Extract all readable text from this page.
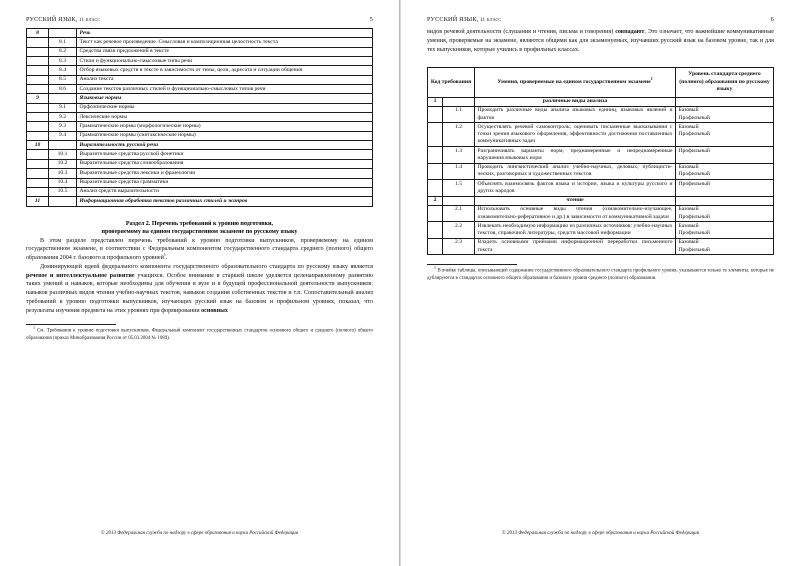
РУССКИЙ ЯЗЫК, 11 класс	5
8		Речь
	8.1	Текст как речевое произведение. Смысловая и композиционная целостность текста
	8.2	Средства связи предложений в тексте
	8.3	Стили и функционально-смысловые типы речи
	8.4	Отбор языковых средств в тексте в зависимости от темы, цели, адресата и ситуации общения
	8.5	Анализ текста
	8.6	Создание текстов различных стилей и функционально-смысловых типов речи
9		Языковые нормы
	9.1	Орфоэпические нормы
	9.2	Лексические нормы
	9.3	Грамматические нормы (морфологические нормы)
	9.4	Грамматические нормы (синтаксические нормы)
10		Выразительность русской речи
	10.1	Выразительные средства русской фонетики
	10.2	Выразительные средства словообразования
	10.3	Выразительные средства лексики и фразеологии
	10.4	Выразительные средства грамматики
	10.5	Анализ средств выразительности
11		Информационная обработка текстов различных стилей и жанров
Раздел 2. Перечень требований к уровню подготовки,
проверяемому на едином государственном экзамене по русскому языку

В этом разделе представлен перечень требований к уровню подготовки выпускников, проверяемому на едином государственном экзамене, в соответствии с Федеральным компонентом государственного стандарта среднего (полного) общего образования 2004 г. базового и профильного уровней$^1$.

Доминирующей идеей федерального компонента государственного образовательного стандарта по русскому языку является речевое и интеллектуальное развитие учащихся. Особое внимание в старшей школе уделяется целенаправленному развитию таких умений и навыков, которые необходимы для обучения в вузе и в будущей профессиональной деятельности выпускников: навыков различных видов чтения учебно-научных текстов, навыков создания собственных текстов и т.п. Сопоставительный анализ требований к уровню подготовки выпускников, изучающих русский язык на базовом и профильном уровнях, показал, что результаты изучения предмета на этих уровнях при формировании основных

$^1$ См. Требования к уровню подготовки выпускников. Федеральный компонент государственных стандартов основного общего и среднего (полного) общего образования (приказ Минобразования России от 05.03.2004 № 1089).

© 2013 Федеральная служба по надзору в сфере образования и науки Российской Федерации
РУССКИЙ ЯЗЫК, 11 класс	6

видов речевой деятельности (слушания и чтения, письма и говорения) совпадают. Это означает, что важнейшие коммуникативные умения, проверяемые на экзамене, являются общими как для экзаменуемых, изучавших русский язык на базовом уровне, так и для тех выпускников, которые учились в профильных классах.

Код требования		Умения, проверяемые на едином государственном экзамене$^1$	Уровень стандарта среднего (полного) образования по русскому языку
1		различные виды анализа	
	1.1	Проводить различные виды анализа языковых единиц, языковых явлений и фактов	Базовый
Профильный

	1.2	Осуществлять речевой самоконтроль; оценивать письменные высказывания с точки зрения языкового оформления, эффективности достижения поставленных коммуникативных задач	Базовый
Профильный

	1.3	Разграничивать варианты норм, преднамеренные и непреднамеренные нарушения языковых норм	Профильный

	1.4	Проводить лингвистический анализ учебно-научных, деловых, публицистических, разговорных и художественных текстов	Базовый
Профильный

	1.5	Объяснять взаимосвязь фактов языка и истории, языка и культуры русского и других народов	Профильный

2		чтение	
	2.1	Использовать основные виды чтения (ознакомительно-изучающее, ознакомительно-реферативное и др.) в зависимости от коммуникативной задачи	Базовый
Профильный

	2.2	Извлекать необходимую информацию из различных источников: учебно-научных текстов, справочной литературы, средств массовой информации	Базовый
Профильный

	2.3	Владеть основными приёмами информационной переработки письменного текста	Базовый
Профильный

$^1$ В ячейке таблицы, описывающей содержание государственного образовательного стандарта профильного уровня, указываются только те элементы, которые не дублируются в стандартах основного общего образования и базового уровня среднего (полного) образования.

© 2013 Федеральная служба по надзору в сфере образования и науки Российской Федерации
